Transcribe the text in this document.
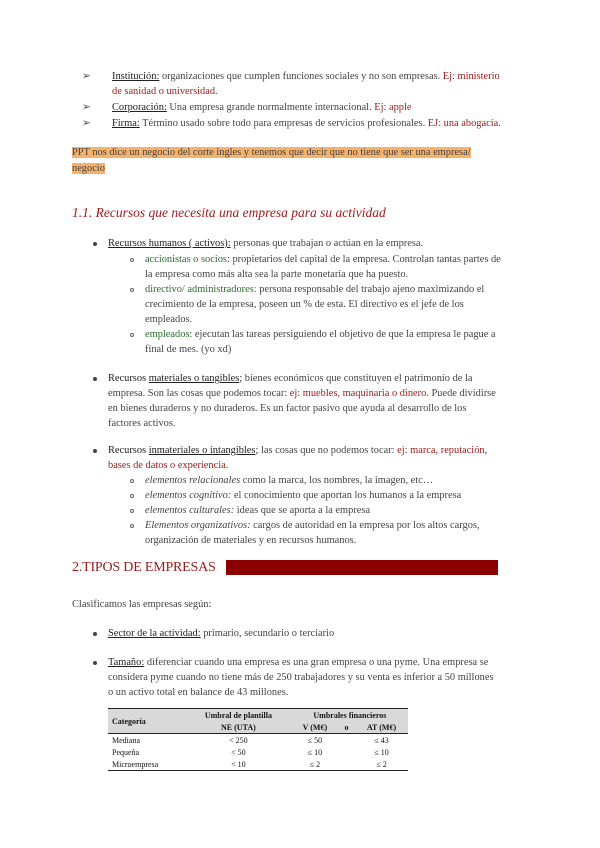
➢ Institución: organizaciones que cumplen funciones sociales y no son empresas. Ej: ministerio
de sanidad o universidad.
➢ Corporación: Una empresa grande normalmente internacional. Ej: apple
➢ Firma: Término usado sobre todo para empresas de servicios profesionales. EJ: una abogacía.
PPT nos dice un negocio del corte ingles y tenemos que decir que no tiene que ser una empresa/
negocio
1.1. Recursos que necesita una empresa para su actividad
Recursos humanos ( activos): personas que trabajan o actúan en la empresa.
accionistas o socios: propietarios del capital de la empresa. Controlan tantas partes de
la empresa como más alta sea la parte monetaria que ha puesto.
directivo/ administradores: persona responsable del trabajo ajeno maximizando el
crecimiento de la empresa, poseen un % de esta. El directivo es el jefe de los
empleados.
empleados: ejecutan las tareas persiguiendo el objetivo de que la empresa le pague a
final de mes. (yo xd)
Recursos materiales o tangibles; bienes económicos que constituyen el patrimonio de la
empresa. Son las cosas que podemos tocar: ej: muebles, maquinaria o dinero. Puede dividirse
en bienes duraderos y no duraderos. Es un factor pasivo que ayuda al desarrollo de los
factores activos.
Recursos inmateriales o intangibles; las cosas que no podemos tocar: ej: marca, reputación,
bases de datos o experiencia.
elementos relacionales como la marca, los nombres, la imagen, etc…
elementos cognitivo: el conocimiento que aportan los humanos a la empresa
elementos culturales: ideas que se aporta a la empresa
Elementos organizativos: cargos de autoridad en la empresa por los altos cargos,
organización de materiales y en recursos humanos.
2.TIPOS DE EMPRESAS
Clasificamos las empresas según:
Sector de la actividad: primario, secundario o terciario
Tamaño: diferenciar cuando una empresa es una gran empresa o una pyme. Una empresa se
considera pyme cuando no tiene más de 250 trabajadores y su venta es inferior a 50 millones
o un activo total en balance de 43 millones.
Categoría	Umbral de plantilla	Umbrales financieros		
	NE (UTA)	V (M€)	o	AT (M€)
Mediana	< 250	≤ 50		≤ 43
Pequeña	< 50	≤ 10		≤ 10
Microempresa	< 10	≤ 2		≤ 2
